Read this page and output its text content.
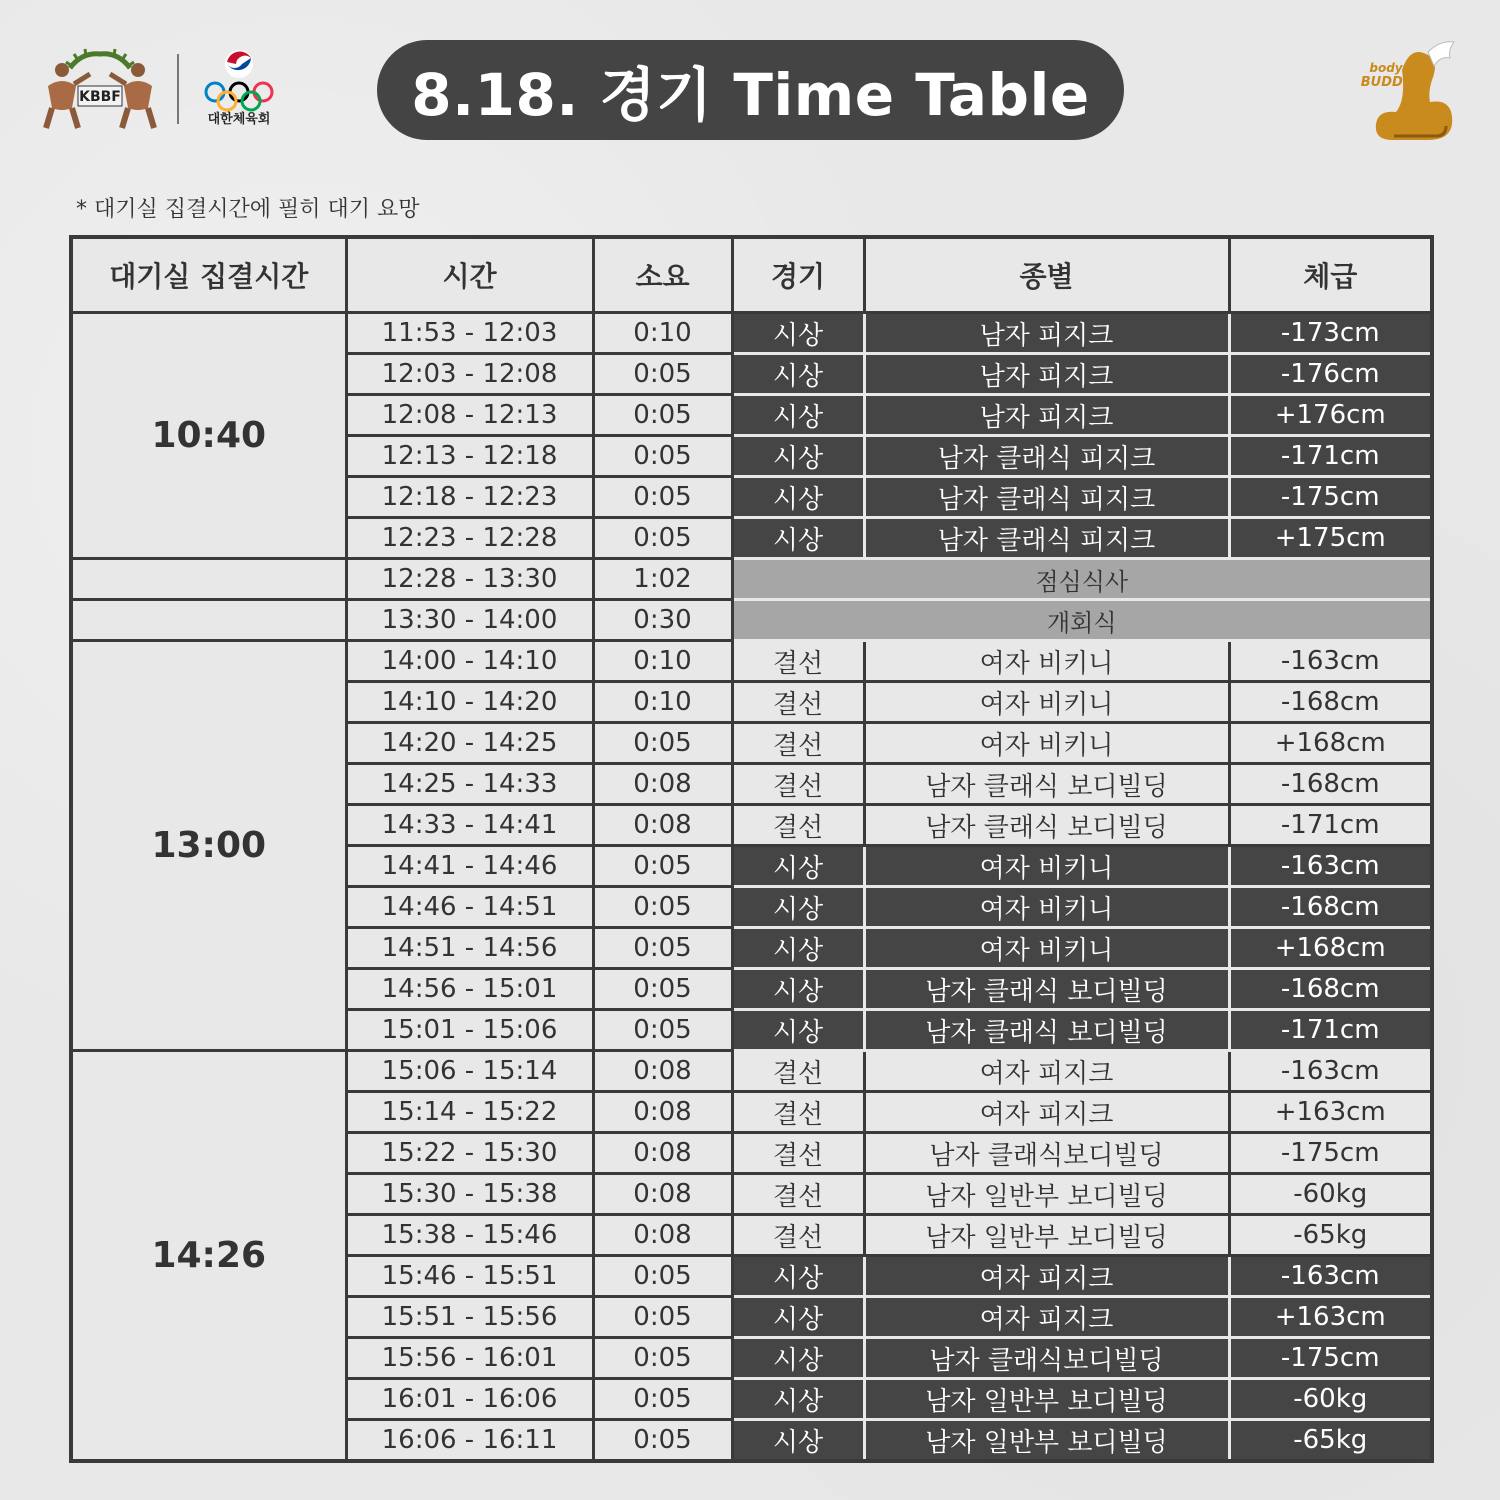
KBBF
대한체육회	8.18. 경기 Time Table	body
BUDDY
* 대기실 집결시간에 필히 대기 요망
대기실 집결시간	시간	소요	경기	종별	체급
10:40	11:53 - 12:03	0:10	시상	남자 피지크	-173cm
	12:03 - 12:08	0:05	시상	남자 피지크	-176cm
	12:08 - 12:13	0:05	시상	남자 피지크	+176cm
	12:13 - 12:18	0:05	시상	남자 클래식 피지크	-171cm
	12:18 - 12:23	0:05	시상	남자 클래식 피지크	-175cm
	12:23 - 12:28	0:05	시상	남자 클래식 피지크	+175cm
	12:28 - 13:30	1:02	점심식사		
	13:30 - 14:00	0:30	개회식		
13:00	14:00 - 14:10	0:10	결선	여자 비키니	-163cm
	14:10 - 14:20	0:10	결선	여자 비키니	-168cm
	14:20 - 14:25	0:05	결선	여자 비키니	+168cm
	14:25 - 14:33	0:08	결선	남자 클래식 보디빌딩	-168cm
	14:33 - 14:41	0:08	결선	남자 클래식 보디빌딩	-171cm
	14:41 - 14:46	0:05	시상	여자 비키니	-163cm
	14:46 - 14:51	0:05	시상	여자 비키니	-168cm
	14:51 - 14:56	0:05	시상	여자 비키니	+168cm
	14:56 - 15:01	0:05	시상	남자 클래식 보디빌딩	-168cm
	15:01 - 15:06	0:05	시상	남자 클래식 보디빌딩	-171cm
14:26	15:06 - 15:14	0:08	결선	여자 피지크	-163cm
	15:14 - 15:22	0:08	결선	여자 피지크	+163cm
	15:22 - 15:30	0:08	결선	남자 클래식보디빌딩	-175cm
	15:30 - 15:38	0:08	결선	남자 일반부 보디빌딩	-60kg
	15:38 - 15:46	0:08	결선	남자 일반부 보디빌딩	-65kg
	15:46 - 15:51	0:05	시상	여자 피지크	-163cm
	15:51 - 15:56	0:05	시상	여자 피지크	+163cm
	15:56 - 16:01	0:05	시상	남자 클래식보디빌딩	-175cm
	16:01 - 16:06	0:05	시상	남자 일반부 보디빌딩	-60kg
	16:06 - 16:11	0:05	시상	남자 일반부 보디빌딩	-65kg
